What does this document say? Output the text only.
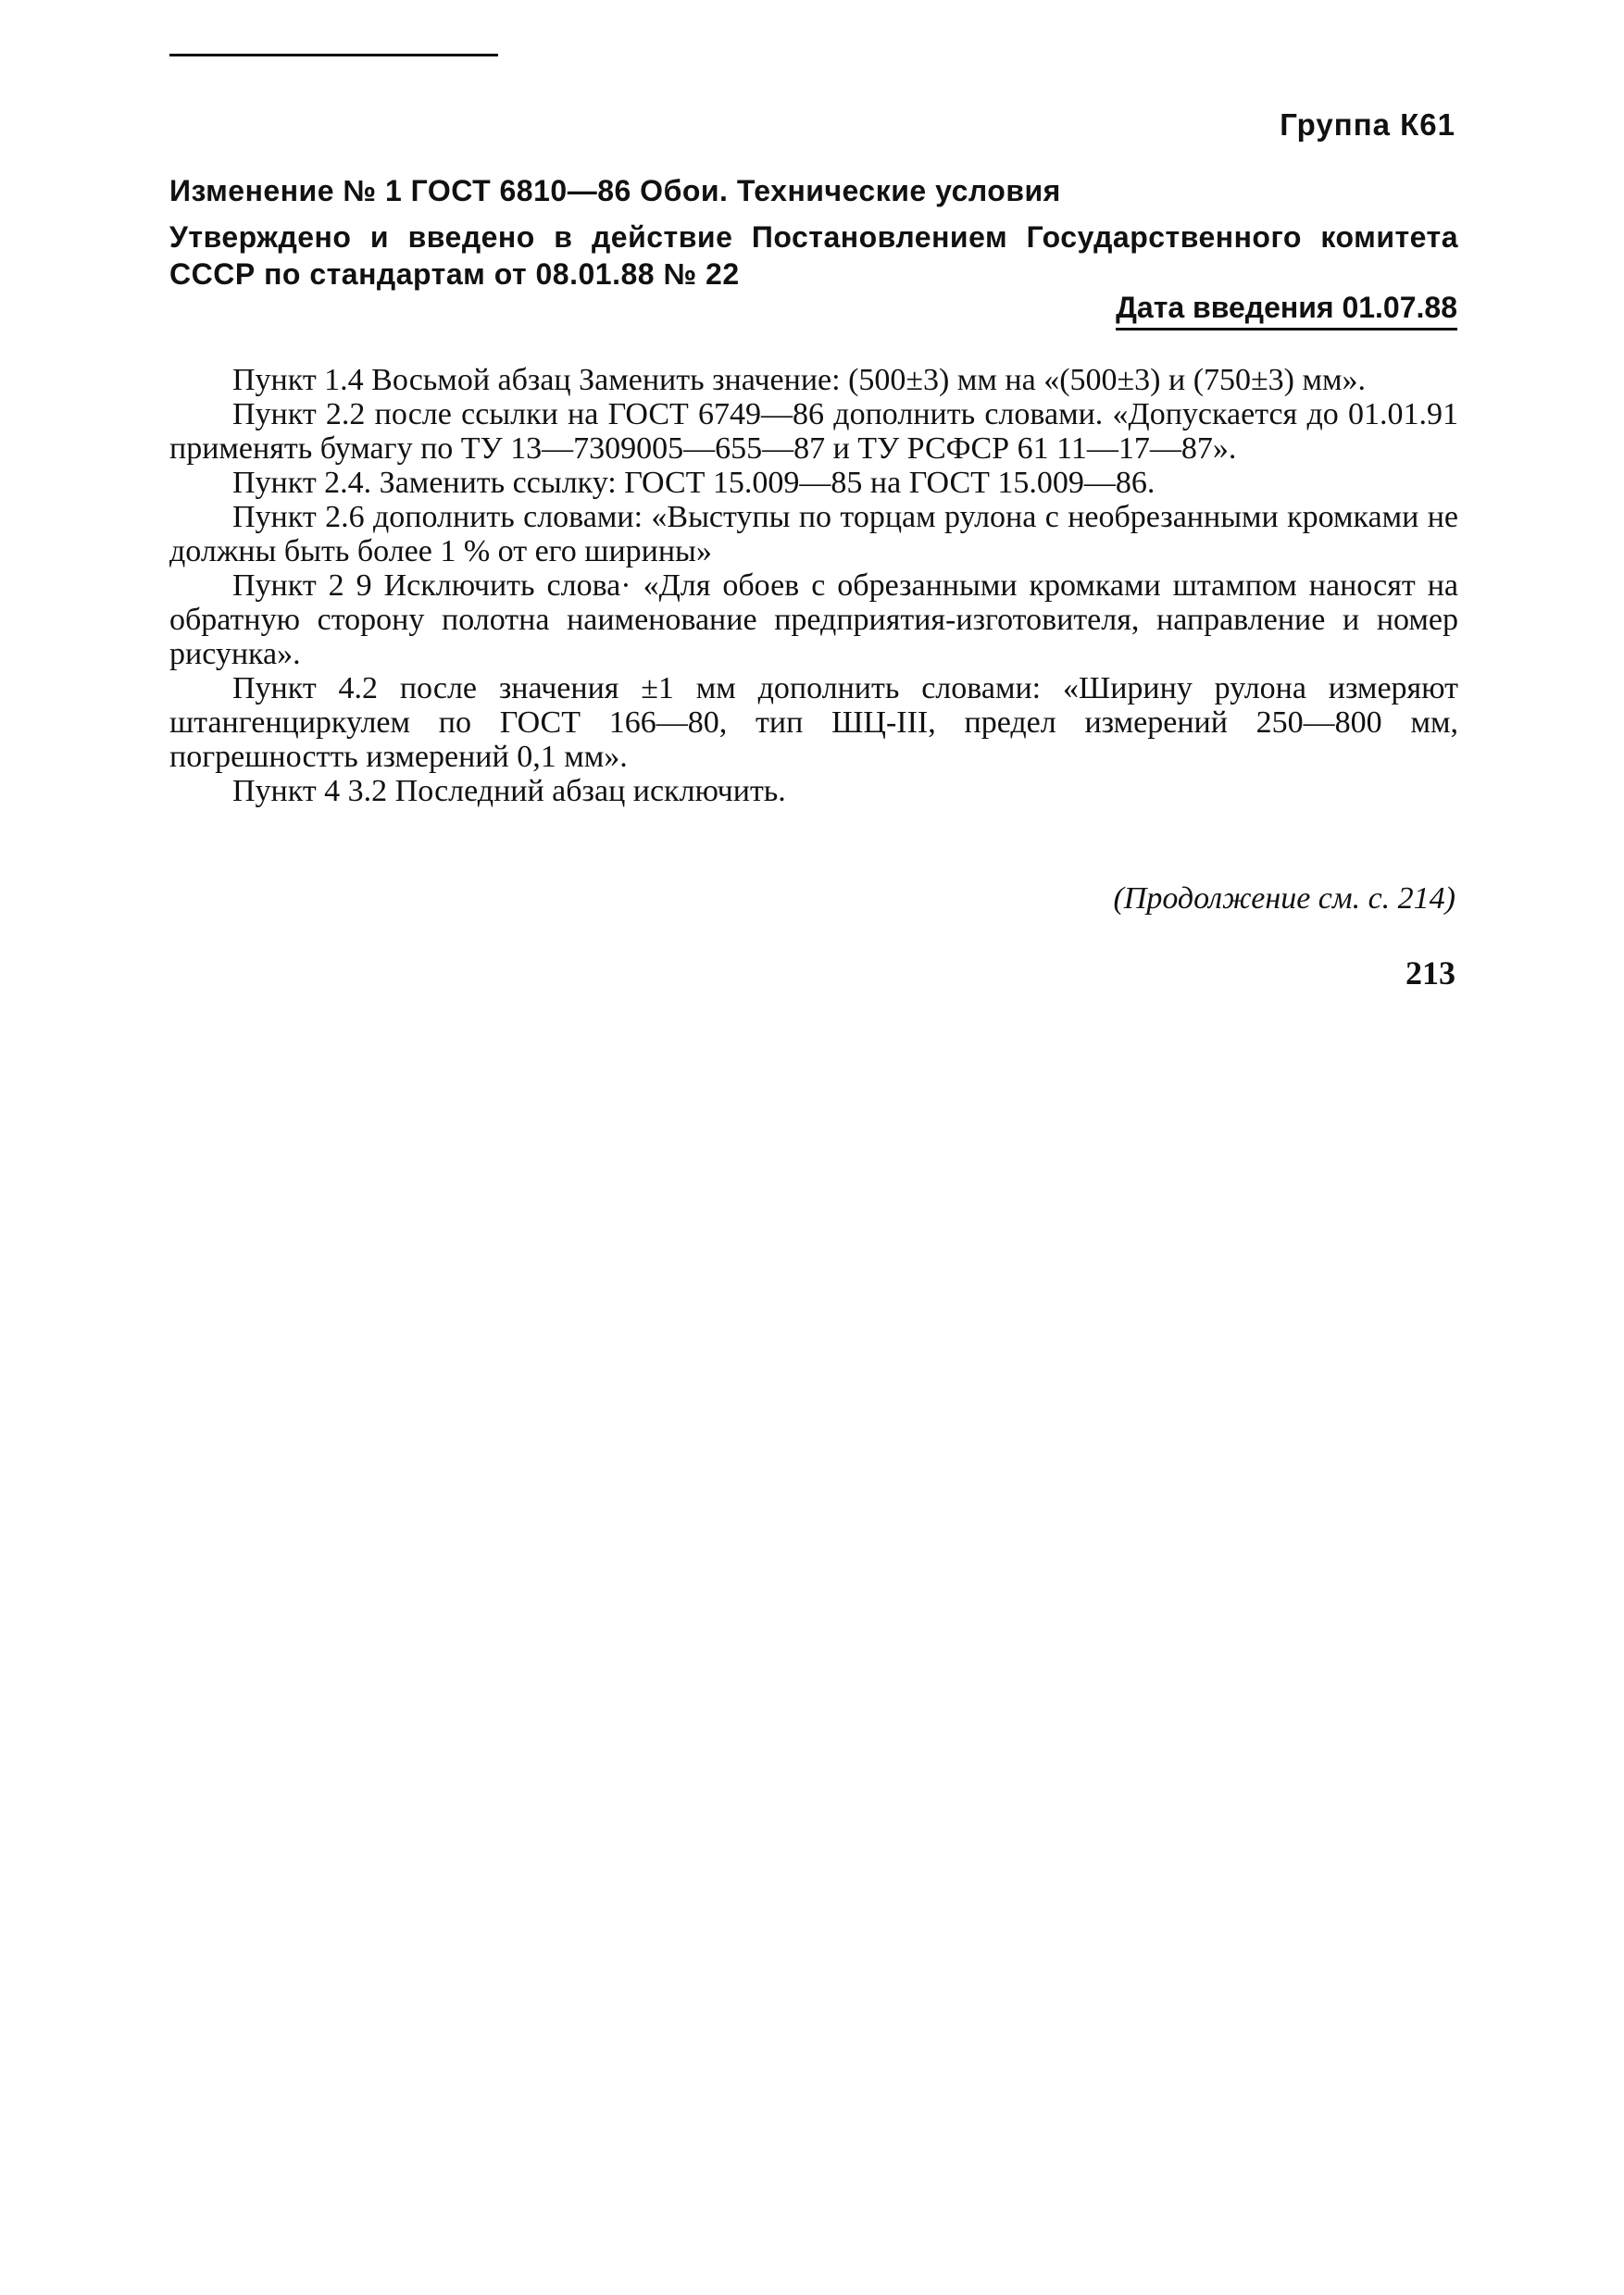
Группа К61
Изменение № 1 ГОСТ 6810—86 Обои. Технические условия
Утверждено и введено в действие Постановлением Государственного комитета СССР по стандартам от 08.01.88 № 22
Дата введения 01.07.88

Пункт 1.4 Восьмой абзац Заменить значение: (500±3) мм на «(500±3) и (750±3) мм».

Пункт 2.2 после ссылки на ГОСТ 6749—86 дополнить словами. «Допускается до 01.01.91 применять бумагу по ТУ 13—7309005—655—87 и ТУ РСФСР 61 11—17—87».

Пункт 2.4. Заменить ссылку: ГОСТ 15.009—85 на ГОСТ 15.009—86.

Пункт 2.6 дополнить словами: «Выступы по торцам рулона с необрезанными кромками не должны быть более 1 % от его ширины»

Пункт 2 9 Исключить слова· «Для обоев с обрезанными кромками штампом наносят на обратную сторону полотна наименование предприятия-изготовителя, направление и номер рисунка».

Пункт 4.2 после значения ±1 мм дополнить словами: «Ширину рулона измеряют штангенциркулем по ГОСТ 166—80, тип ШЦ-III, предел измерений 250—800 мм, погрешностть измерений 0,1 мм».

Пункт 4 3.2 Последний абзац исключить.

(Продолжение см. с. 214)
213
